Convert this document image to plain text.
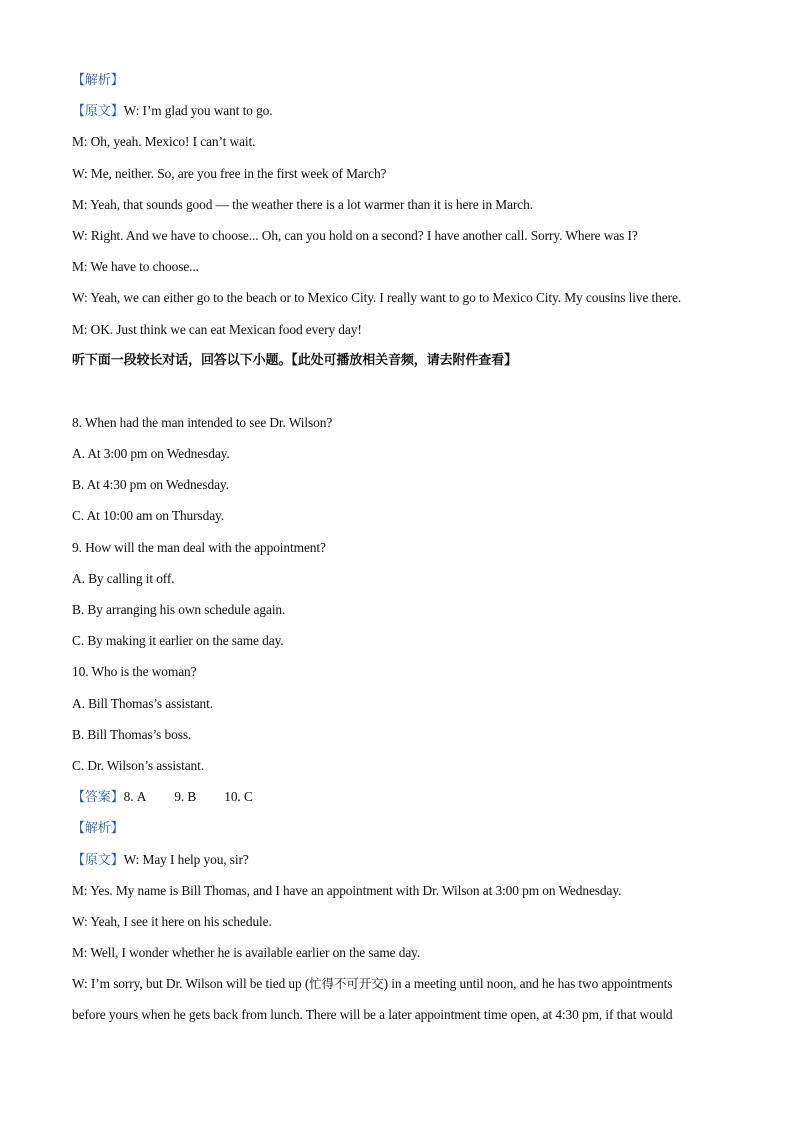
【解析】
【原文】W: I’m glad you want to go.
M: Oh, yeah. Mexico! I can’t wait.
W: Me, neither. So, are you free in the first week of March?
M: Yeah, that sounds good — the weather there is a lot warmer than it is here in March.
W: Right. And we have to choose... Oh, can you hold on a second? I have another call. Sorry. Where was I?
M: We have to choose...
W: Yeah, we can either go to the beach or to Mexico City. I really want to go to Mexico City. My cousins live there.
M: OK. Just think we can eat Mexican food every day!
听下面一段较长对话，回答以下小题。【此处可播放相关音频，请去附件查看】
8. When had the man intended to see Dr. Wilson?
A. At 3:00 pm on Wednesday.
B. At 4:30 pm on Wednesday.
C. At 10:00 am on Thursday.
9. How will the man deal with the appointment?
A. By calling it off.
B. By arranging his own schedule again.
C. By making it earlier on the same day.
10. Who is the woman?
A. Bill Thomas’s assistant.
B. Bill Thomas’s boss.
C. Dr. Wilson’s assistant.
【答案】8. A 9. B 10. C
【解析】
【原文】W: May I help you, sir?
M: Yes. My name is Bill Thomas, and I have an appointment with Dr. Wilson at 3:00 pm on Wednesday.
W: Yeah, I see it here on his schedule.
M: Well, I wonder whether he is available earlier on the same day.
W: I’m sorry, but Dr. Wilson will be tied up (忙得不可开交) in a meeting until noon, and he has two appointments
before yours when he gets back from lunch. There will be a later appointment time open, at 4:30 pm, if that would
